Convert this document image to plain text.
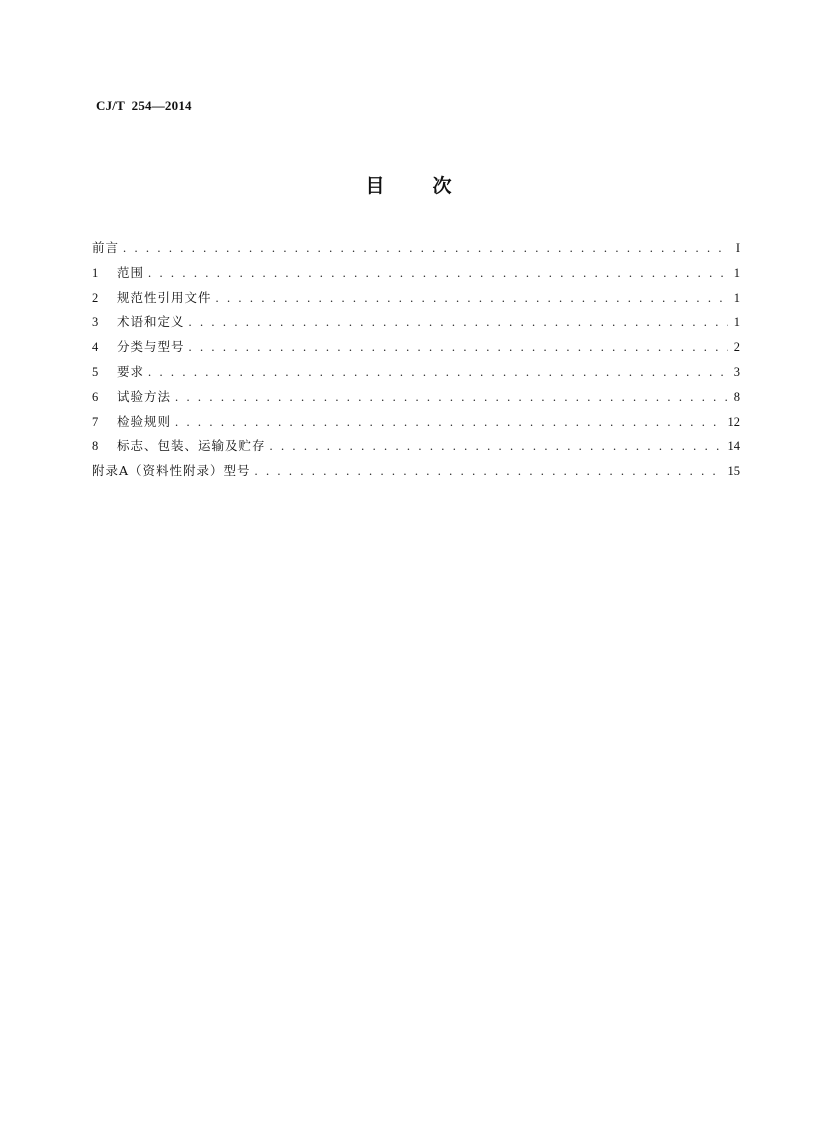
CJ/T  254—2014
目	次
前言 . . .	I
1	范围 . . .	1
2	规范性引用文件 . . .	1
3	术语和定义 . . .	1
4	分类与型号 . . .	2
5	要求 . . .	3
6	试验方法 . . .	8
7	检验规则 . . .	12
8	标志、包装、运输及贮存 . . .	14
附录A（资料性附录）型号 . . .	15
